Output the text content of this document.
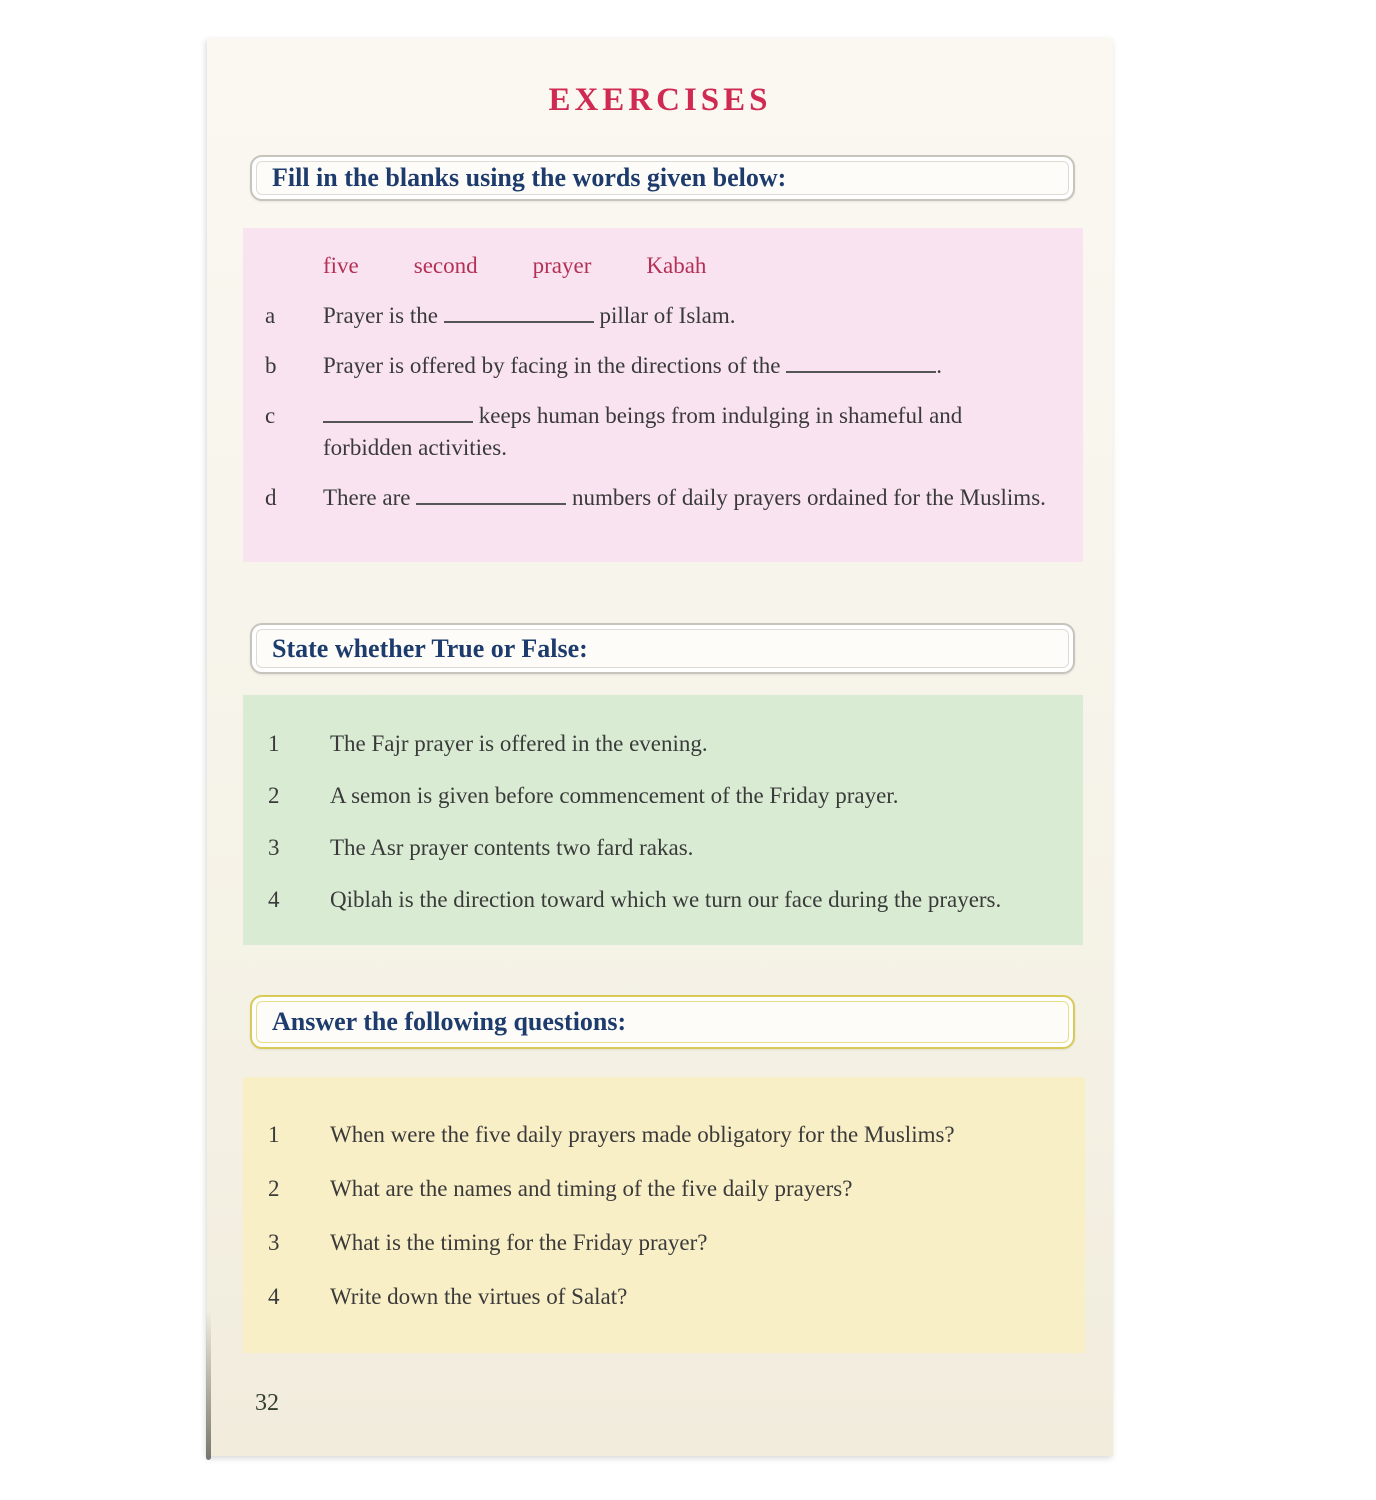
EXERCISES
Fill in the blanks using the words given below:
five second prayer Kabah
a	Prayer is the	pillar of Islam.

b	Prayer is offered by facing in the directions of the	.

c	keeps human beings from indulging in shameful and forbidden activities.

d	There are	numbers of daily prayers ordained for the Muslims.

State whether True or False:
1	The Fajr prayer is offered in the evening.

2	A semon is given before commencement of the Friday prayer.

3	The Asr prayer contents two fard rakas.

4	Qiblah is the direction toward which we turn our face during the prayers.

Answer the following questions:
1	When were the five daily prayers made obligatory for the Muslims?

2	What are the names and timing of the five daily prayers?

3	What is the timing for the Friday prayer?

4	Write down the virtues of Salat?

32
